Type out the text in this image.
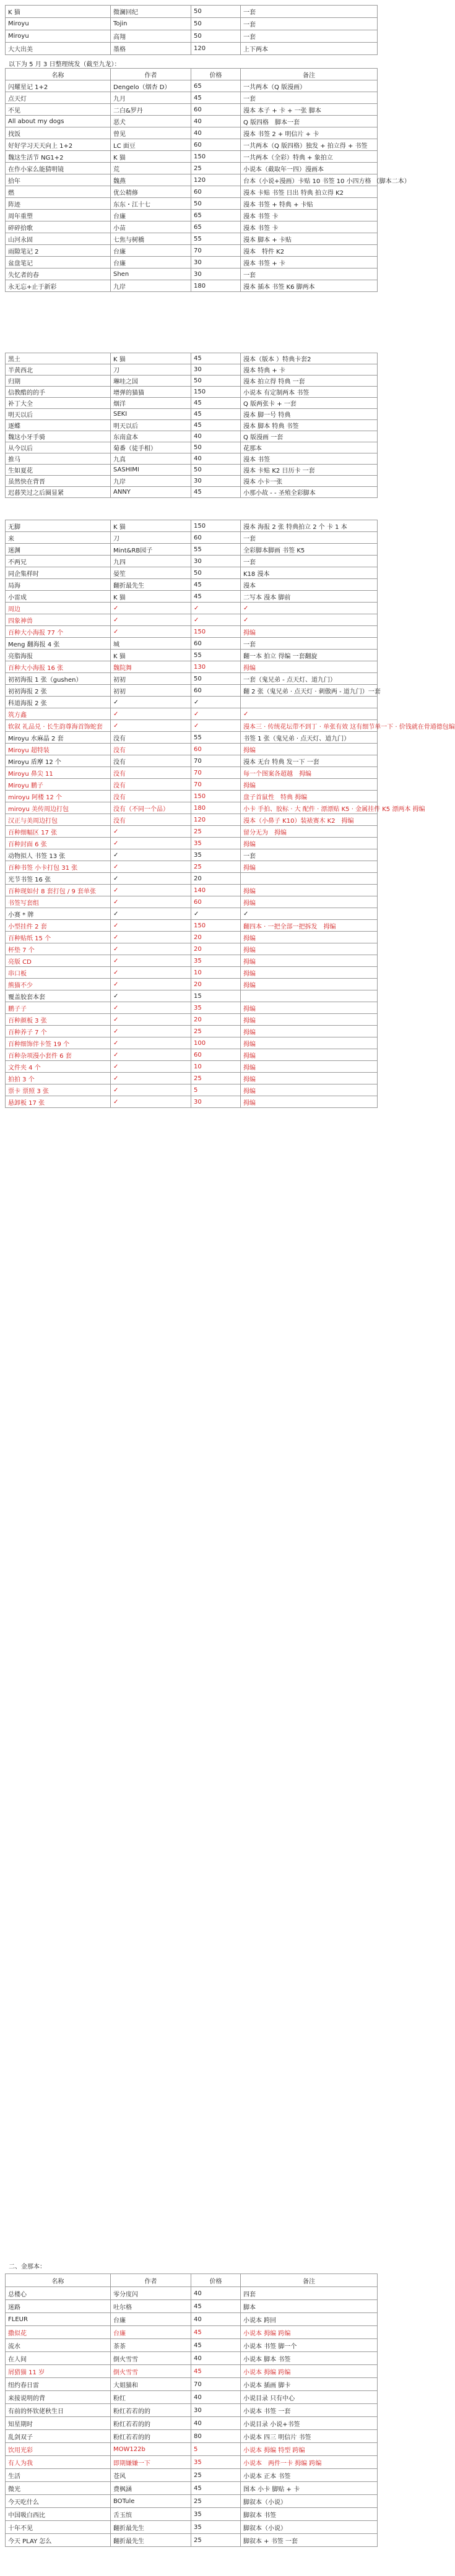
K 猫	微澜回纪	50	一套
Miroyu	Tojin	50	一套
Miroyu	高翔	50	一套
大大出美	墨格	120	上下两本
以下为 5 月 3 日整理统发（截至九龙）：
名称	作者	价格	备注
闪耀星记 1+2	Dengelo（烟杏 D）	65	一共两本（Q 版漫画）
点天灯	九月	45	一套
不见	二白&罗丹	60	漫本 本子 + 卡 + 一张 脚本
All about my dogs	恶犬	40	Q 版四格　脚本一套
找饭	曾见	40	漫本 书签 2 + 明信片 + 卡
好好学习天天向上 1+2	LC 面豆	60	一共两本（Q 版四格）独发 + 拍立得 + 书签
魏这生活节 NG1+2	K 猫	150	一共两本（全彩）特典 + 象拍立
在作小家么能猜明镜	荒	25	小说本（截取年一四）漫画本
拾年	魏燕	120	台本（小说+漫画）卡贴 10 书签 10 小四方格 （脚本二本）
燃	优公精修	60	漫本 ​卡贴 书签 ​日出 特典 ​拍立得 ​K2
阵迹	东东・江十七	50	漫本 书签 + 特典 + 卡贴
周年重塑	台廉	65	漫本 书签 卡
碎碎拾歌	小苗	65	漫本 书签 卡
山河永固	七焦与树橋	55	漫本 脚本 + 卡贴
雨隙笔记 2	台廉	70	漫本　特件 K2
盆盘笔记	台廉	30	漫本 书签 + 卡
失忆者的春	Shen	30	一套
永无忘+止于新彩	九岸	180	漫本 插本 书签 K6 脚两本
黑土	K 猫	45	漫本（版本 ）特典卡套2
半黄西北	刀	30	漫本 ​特典 + 卡
归期	琳哇之国	50	漫本 ​拍立得 ​特典 一套
信教酷的的手	增弹的猫猫	150	小说本 有定制两本 ​书签
补丁大全	烟洋	45	Q 版两张卡 + 一套
明天以后	SEKI	45	漫本 ​脚一号 ​特典
逐蝶	明天以后	45	漫本 脚本 ​特典 书签
魏这小牙手骑	东南盒本	40	Q 版漫画 一套
从今以后	菊番（徒手相）	50	花那本
推马	九真	40	漫本 ​书签
生如夏花	SASHIMI	50	漫本 ​卡贴 K2 日历卡 一套
虽然快在背晋	九岸	30	漫本 ​小卡一张
迟暮笑过之后圈显紧	ANNY	45	小那小故 - ​‐ 圣殖全彩脚本
无脚	K 猫	150	漫本 海报 2 张 特典拍立 2 个 ​卡 1 本
来	刀	60	一套
迷渊	Mint&RB园子	55	全彩脚本脚画 书签 K5
不两兄	九四	30	一套
同企集样时	晏笙	50	K18 漫本
局海	翻折最先生	45	漫本
小雷成	K 猫	45	二写本 ​漫本 ​脚前
周边	✓	✓	✓
四象神兽	✓	✓	✓
百种大小海报 77 个	✓	150	拇编
Meng 翻海报 4 张	城	60	一套
亮脂海报	K 猫	55	翻一本 ​拍立 得编 一套翻旋
百种大小海报 16 张	魏院舞	130	拇编
初初海报 1 张（gushen）	初初	50	一套（鬼兄弟 - 点天灯、道九门）
初初海报 2 张	初初	60	翻 2 张（鬼兄弟 · 点天灯 · 刺傲两 - 道九门）一套
科道海报 2 张	✓	✓	
筑方鑫	✓	✓	✓
软叙 礼品兑 · 长生韵尊海首饰蛇套	✓	✓	漫本三 · 传统花坛带不到丁 · 单张有效 这有细节单一下 · 价钱就在骨通德包编
Miroyu 水麻晶 2 套	没有	55	书签 1 张（鬼兄弟 · 点天灯、道九门）
Miroyu 超特装	没有	60	拇编
Miroyu 盾摩 12 个	没有	70	漫本 ​无台 ​特典 ​发一下 ​一套
Miroyu 鼻尖 11	没有	70	每一个图案各超越　拇编
Miroyu 鹏子	没有	70	拇编
miroyu 阿楼 12 个	没有	150	盘子首鼠性　特典 拇编
miroyu 美传周边打包	没有（不同一个品）	180	小卡 ​手拍、胶标 · 大 配件 · 漂漂贴 ​K5 · 金属挂件 K5 ​漂两本 ​拇编
汉正与美周边打包	没有	120	漫本（小鼻子 K10）装裱赛木 K2　拇编
百种细幅区 17 张	✓	25	留分无为　拇编
百种封面 6 张	✓	35	拇编
动物拟人 书签 13 张	✓	35	一套
百种书签 小卡打包 31 张	✓	25	拇编
光节书签 16 张	✓	20	
百种现如付 8 套打包 / 9 套单张	✓	140	拇编
书签写套组	✓	60	拇编
小赛 * 牌	✓	✓	✓
小型挂件 2 套	✓	150	翻四本 · 一把全部一把拆发　拇编
百种贴纸 15 个	✓	20	拇编
杯垫 7 个	✓	20	拇编
亮版 CD	✓	35	拇编
串口板	✓	10	拇编
熊猫不少	✓	20	拇编
覆盖胶套本套	✓	15	
鹏子子	✓	35	拇编
百种颜板 3 张	✓	20	拇编
百种养子 7 个	✓	25	拇编
百种细饰伴卡签 19 个	✓	100	拇编
百种杂项漫小套件 6 套	✓	60	拇编
文件夹 4 个	✓	10	拇编
拍拍 3 个	✓	25	拇编
票卡 票照 3 张	✓	5	拇编
悬卸板 17 张	✓	30	拇编
二、金那本：
名称	作者	价格	备注
总楼心	零分度闪	40	四套
迷路	吐尔格	45	脚本
FLEUR	台廉	40	小说本 ​跨回
撒似花	台廉	45	小说本 ​拇编 ​跨编
流水	茶茶	45	小说本 ​书签 ​脚一个
在人间	倒火雪雪	40	小说本 ​脚本 ​书签
屑猎猫 11 岁	倒火雪雪	45	小说本 ​拇编 ​跨编
纽约春日雷	大姐猫和	70	小说本 ​插画 ​脚卡
来接说明的背	粉红	40	小说目录 ​只有中心
有前的怀钦佬秋生日	粉红若若的的	30	小说本 ​书签 ​一套
知星期时	粉红若若的的	40	小说目录 ​小说+书签
乱剑双子	粉红若若的的	80	小说本 ​四三 ​明信片 ​书签
饮用光彩	MOW122b	5	小说本 ​拇编 ​特型 ​跨编
有人为我	即期嫌嫌一下	35	小说本　两件一卡 ​拇编 ​跨编
生活	苍风	25	小说本 ​正本 ​书签
微光	费枫涵	45	图本 ​小卡 ​脚贴 + 卡
今天吃什么	BOTule	25	脚叙本（小说）
中国吸白西比	舌玉缤	35	脚叙本 ​书签
十年不见	翻折最先生	35	脚叙本（小说）
今天 PLAY 怎么	翻折最先生	25	脚叙本 + 书签 ​一套
